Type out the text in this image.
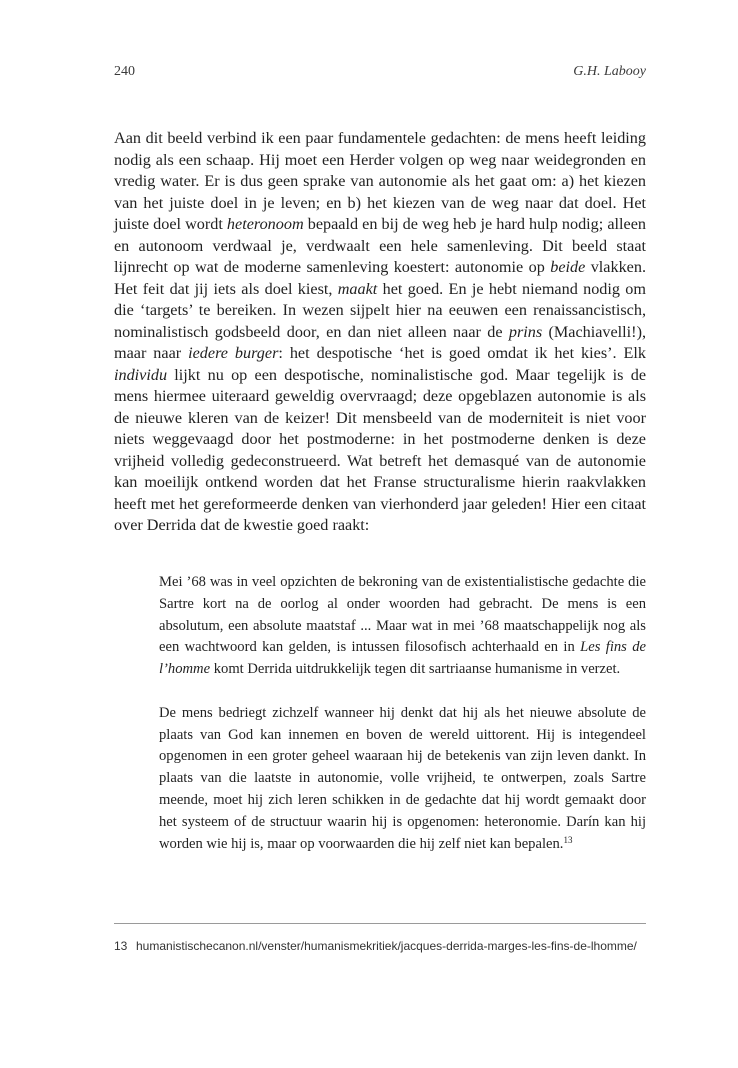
240	G.H. Labooy

Aan dit beeld verbind ik een paar fundamentele gedachten: de mens heeft leiding nodig als een schaap. Hij moet een Herder volgen op weg naar weidegronden en vredig water. Er is dus geen sprake van autonomie als het gaat om: a) het kiezen van het juiste doel in je leven; en b) het kiezen van de weg naar dat doel. Het juiste doel wordt heteronoom bepaald en bij de weg heb je hard hulp nodig; alleen en autonoom verdwaal je, verdwaalt een hele samenleving. Dit beeld staat lijnrecht op wat de moderne samenleving koestert: autonomie op beide vlakken. Het feit dat jij iets als doel kiest, maakt het goed. En je hebt niemand nodig om die ‘targets’ te bereiken. In wezen sijpelt hier na eeuwen een renaissancistisch, nominalistisch godsbeeld door, en dan niet alleen naar de prins (Machiavelli!), maar naar iedere burger: het despotische ‘het is goed omdat ik het kies’. Elk individu lijkt nu op een despotische, nominalistische god. Maar tegelijk is de mens hiermee uiteraard geweldig overvraagd; deze opgeblazen autonomie is als de nieuwe kleren van de keizer! Dit mensbeeld van de moderniteit is niet voor niets weggevaagd door het postmoderne: in het postmoderne denken is deze vrijheid volledig gedeconstrueerd. Wat betreft het demasqué van de autonomie kan moeilijk ontkend worden dat het Franse structuralisme hierin raakvlakken heeft met het gereformeerde denken van vierhonderd jaar geleden! Hier een citaat over Derrida dat de kwestie goed raakt:

Mei ’68 was in veel opzichten de bekroning van de existentialistische gedachte die Sartre kort na de oorlog al onder woorden had gebracht. De mens is een absolutum, een absolute maatstaf ... Maar wat in mei ’68 maatschappelijk nog als een wachtwoord kan gelden, is intussen filosofisch achterhaald en in Les fins de l’homme komt Derrida uitdrukkelijk tegen dit sartriaanse humanisme in verzet.

De mens bedriegt zichzelf wanneer hij denkt dat hij als het nieuwe absolute de plaats van God kan innemen en boven de wereld uittorent. Hij is integendeel opgenomen in een groter geheel waaraan hij de betekenis van zijn leven dankt. In plaats van die laatste in autonomie, volle vrijheid, te ontwerpen, zoals Sartre meende, moet hij zich leren schikken in de gedachte dat hij wordt gemaakt door het systeem of de structuur waarin hij is opgenomen: heteronomie. Darín kan hij worden wie hij is, maar op voorwaarden die hij zelf niet kan bepalen.$^{13}$

13 humanistischecanon.nl/venster/humanismekritiek/jacques-derrida-marges-les-fins-de-lhomme/
